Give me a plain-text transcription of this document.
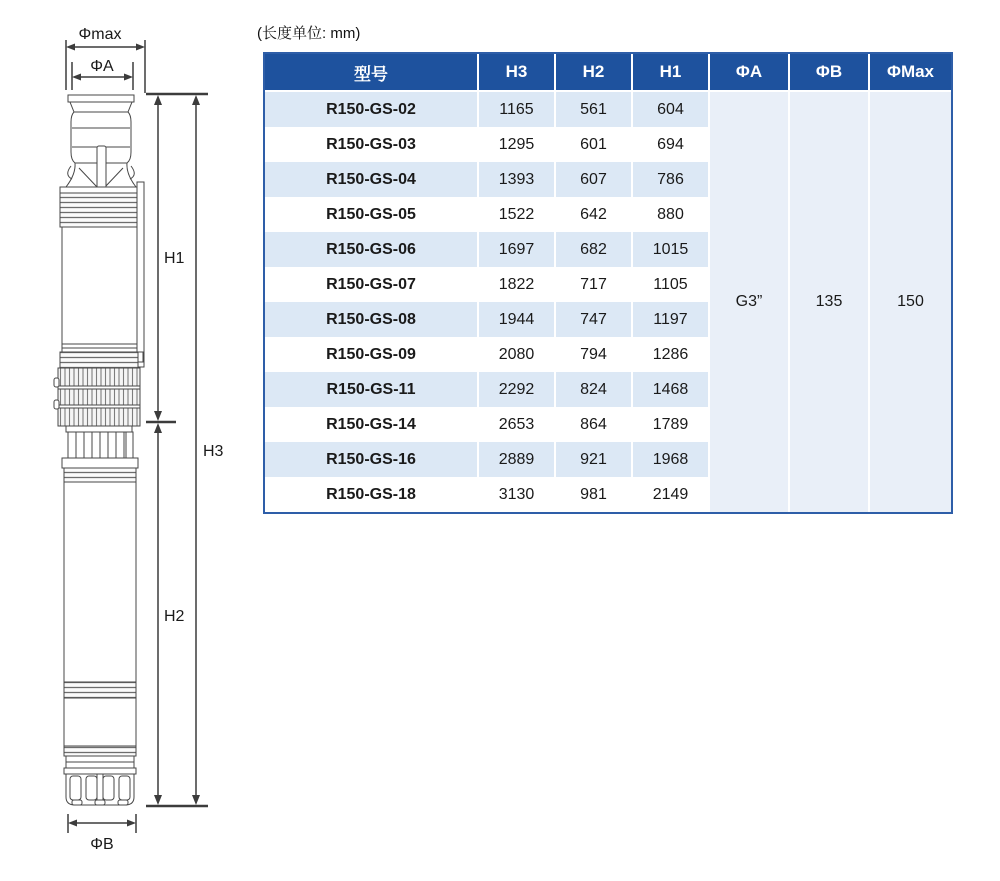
Φmax
ΦA
H1
H3
H2
ΦB
(长度单位: mm)
型号	H3	H2	H1	ΦA	ΦB	ΦMax
R150-GS-02	1165	561	604	G3”	135	150
R150-GS-03	1295	601	694			
R150-GS-04	1393	607	786			
R150-GS-05	1522	642	880			
R150-GS-06	1697	682	1015			
R150-GS-07	1822	717	1105			
R150-GS-08	1944	747	1197			
R150-GS-09	2080	794	1286			
R150-GS-11	2292	824	1468			
R150-GS-14	2653	864	1789			
R150-GS-16	2889	921	1968			
R150-GS-18	3130	981	2149			
